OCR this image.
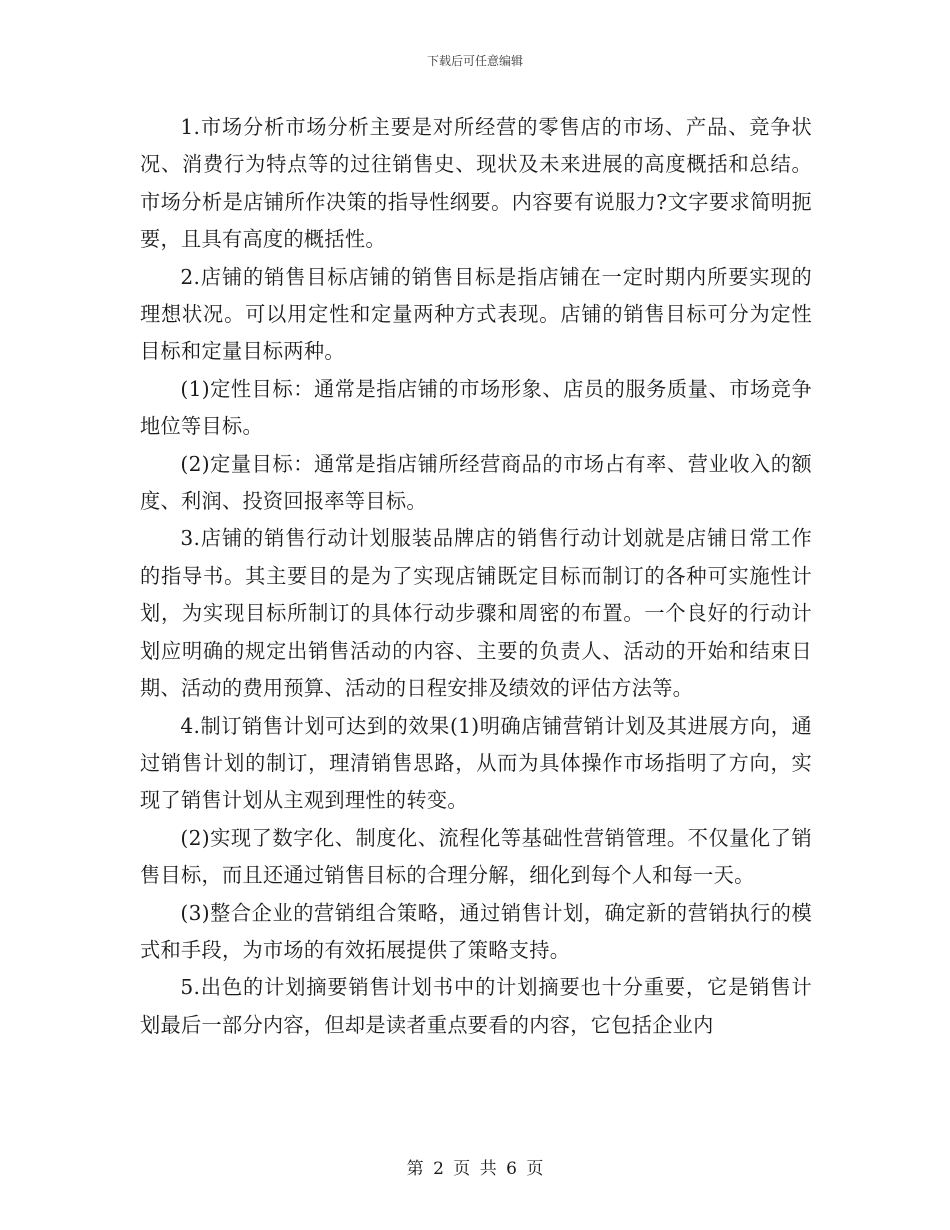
下载后可任意编辑

1.市场分析市场分析主要是对所经营的零售店的市场、产品、竞争状况、消费行为特点等的过往销售史、现状及未来进展的高度概括和总结。市场分析是店铺所作决策的指导性纲要。内容要有说服力?文字要求简明扼要，且具有高度的概括性。

2.店铺的销售目标店铺的销售目标是指店铺在一定时期内所要实现的理想状况。可以用定性和定量两种方式表现。店铺的销售目标可分为定性目标和定量目标两种。

(1)定性目标：通常是指店铺的市场形象、店员的服务质量、市场竞争地位等目标。

(2)定量目标：通常是指店铺所经营商品的市场占有率、营业收入的额度、利润、投资回报率等目标。

3.店铺的销售行动计划服装品牌店的销售行动计划就是店铺日常工作的指导书。其主要目的是为了实现店铺既定目标而制订的各种可实施性计划，为实现目标所制订的具体行动步骤和周密的布置。一个良好的行动计划应明确的规定出销售活动的内容、主要的负责人、活动的开始和结束日期、活动的费用预算、活动的日程安排及绩效的评估方法等。

4.制订销售计划可达到的效果(1)明确店铺营销计划及其进展方向，通过销售计划的制订，理清销售思路，从而为具体操作市场指明了方向，实现了销售计划从主观到理性的转变。

(2)实现了数字化、制度化、流程化等基础性营销管理。不仅量化了销售目标，而且还通过销售目标的合理分解，细化到每个人和每一天。

(3)整合企业的营销组合策略，通过销售计划，确定新的营销执行的模式和手段，为市场的有效拓展提供了策略支持。

5.出色的计划摘要销售计划书中的计划摘要也十分重要，它是销售计划最后一部分内容，但却是读者重点要看的内容，它包括企业内

第 2 页 共 6 页
